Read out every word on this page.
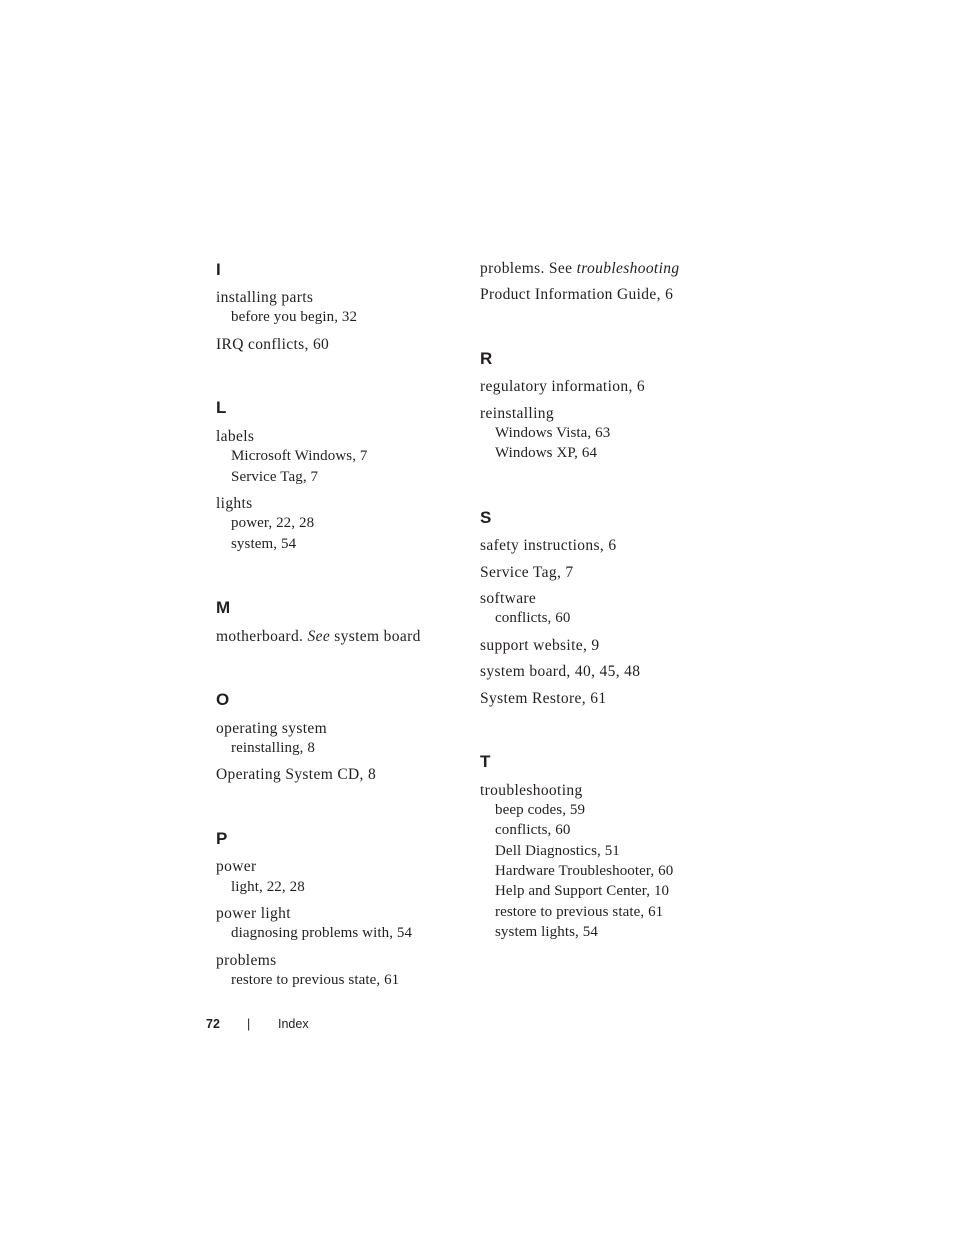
I
installing parts
before you begin, 32
IRQ conflicts, 60
L
labels
Microsoft Windows, 7
Service Tag, 7
lights
power, 22, 28
system, 54
M
motherboard. See system board
O
operating system
reinstalling, 8
Operating System CD, 8
P
power
light, 22, 28
power light
diagnosing problems with, 54
problems
restore to previous state, 61
problems. See troubleshooting
Product Information Guide, 6
R
regulatory information, 6
reinstalling
Windows Vista, 63
Windows XP, 64
S
safety instructions, 6
Service Tag, 7
software
conflicts, 60
support website, 9
system board, 40, 45, 48
System Restore, 61
T
troubleshooting
beep codes, 59
conflicts, 60
Dell Diagnostics, 51
Hardware Troubleshooter, 60
Help and Support Center, 10
restore to previous state, 61
system lights, 54
72 | Index
